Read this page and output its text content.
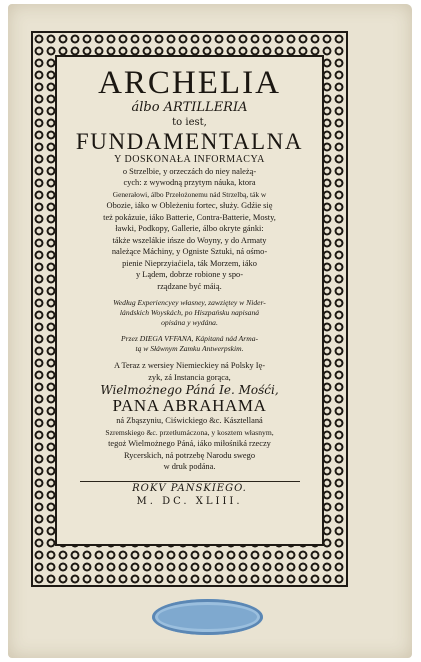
ARCHELIA
álbo ARTILLERIA
to iest,
FUNDAMENTALNA

Y DOSKONAŁA INFORMACYA

o Strzelbie, y orzeczách do niey należą-

cych: z wywodną przytym náuka, ktora

Generałowi, álbo Przełożonemu nád Strzelbą, ták w

Obozie, iáko w Obleżeniu fortec, służy. Gdźie się

też pokázuie, iáko Batterie, Contra-Batterie, Mosty,

ławki, Podkopy, Gallerie, álbo okryte gánki:

tákże wszelákie ińsze do Woyny, y do Armaty

należące Máchiny, y Ogniste Sztuki, ná ośmo-

pienie Nieprzyiaćiela, ták Morzem, iáko

y Lądem, dobrze robione y spo-

rządzane być máią.

Według Experiencyey własney, zawziętey w Nider-

lándskich Woyskách, po Hiszpańsku napisaná

opisána y wydána.

Przez DIEGA VFFANA, Kápitaná nád Arma-

tą w Słáwnym Zamku Antwerpskim.

A Teraz z wersiey Niemieckiey ná Polsky Ię-

zyk, zá Instancia gorąca,

Wielmożnego Páná Ie. Mośći,
PANA ABRAHAMA

ná Zbąszyniu, Ciświckiego &c. Kásztellaná

Szremskiego &c. przetłumáczona, y kosztem własnym,

tegoż Wielmożnego Páná, iáko miłośniká rzeczy

Rycerskich, ná potrzebę Narodu swego

w druk podána.

ROKV PANSKIEGO.
M. DC. XLIII.
